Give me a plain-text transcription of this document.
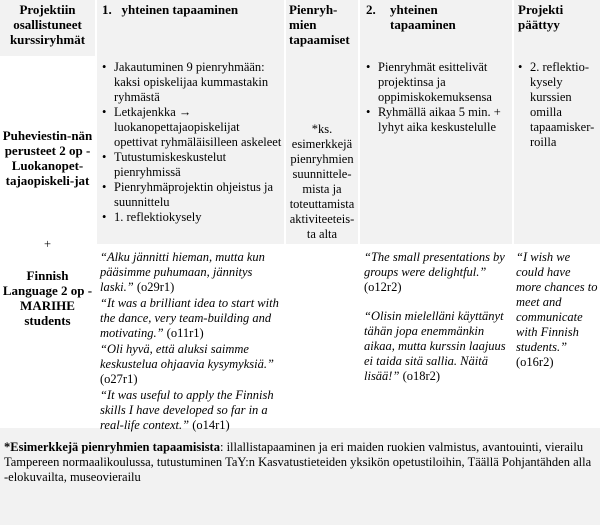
Projektiin osallistuneet kurssiryhmät
1. yhteinen tapaaminen	Pienryh-mien tapaamiset
2.	yhteinen tapaaminen
Projekti päättyy
Puheviestin-nän perusteet 2 op - Luokanopet-tajaopiskeli-jat
+
Finnish Language 2 op - MARIHE students
• Jakautuminen 9 pienryhmään: kaksi opiskelijaa kummastakin ryhmästä
• Letkajenkka → luokanopettajaopiskelijat opettivat ryhmäläisilleen askeleet
• Tutustumiskeskustelut pienryhmissä
• Pienryhmäprojektin ohjeistus ja suunnittelu
• 1. reflektiokysely
*ks. esimerkkejä pienryhmien suunnittele-mista ja toteuttamista aktiviteeteis-ta alta
• Pienryhmät esittelivät projektinsa ja oppimiskokemuksensa
• Ryhmällä aikaa 5 min. + lyhyt aika keskustelulle
• 2. reflektio-kysely kurssien omilla tapaamisker-roilla
“Alku jännitti hieman, mutta kun pääsimme puhumaan, jännitys laski.” (o29r1)
“It was a brilliant idea to start with the dance, very team-building and motivating.” (o11r1)
“Oli hyvä, että aluksi saimme keskustelua ohjaavia kysymyksiä.” (o27r1)
“It was useful to apply the Finnish skills I have developed so far in a real-life context.” (o14r1)
“The small presentations by groups were delightful.” (o12r2)
“Olisin mielelläni käyttänyt tähän jopa enemmänkin aikaa, mutta kurssin laajuus ei taida sitä sallia. Näitä lisää!” (o18r2)
“I wish we could have more chances to meet and communicate with Finnish students.” (o16r2)
*Esimerkkejä pienryhmien tapaamisista: illallistapaaminen ja eri maiden ruokien valmistus, avantouinti, vierailu Tampereen normaalikoulussa, tutustuminen TaY:n Kasvatustieteiden yksikön opetustiloihin, Täällä Pohjantähden alla -elokuvailta, museovierailu
